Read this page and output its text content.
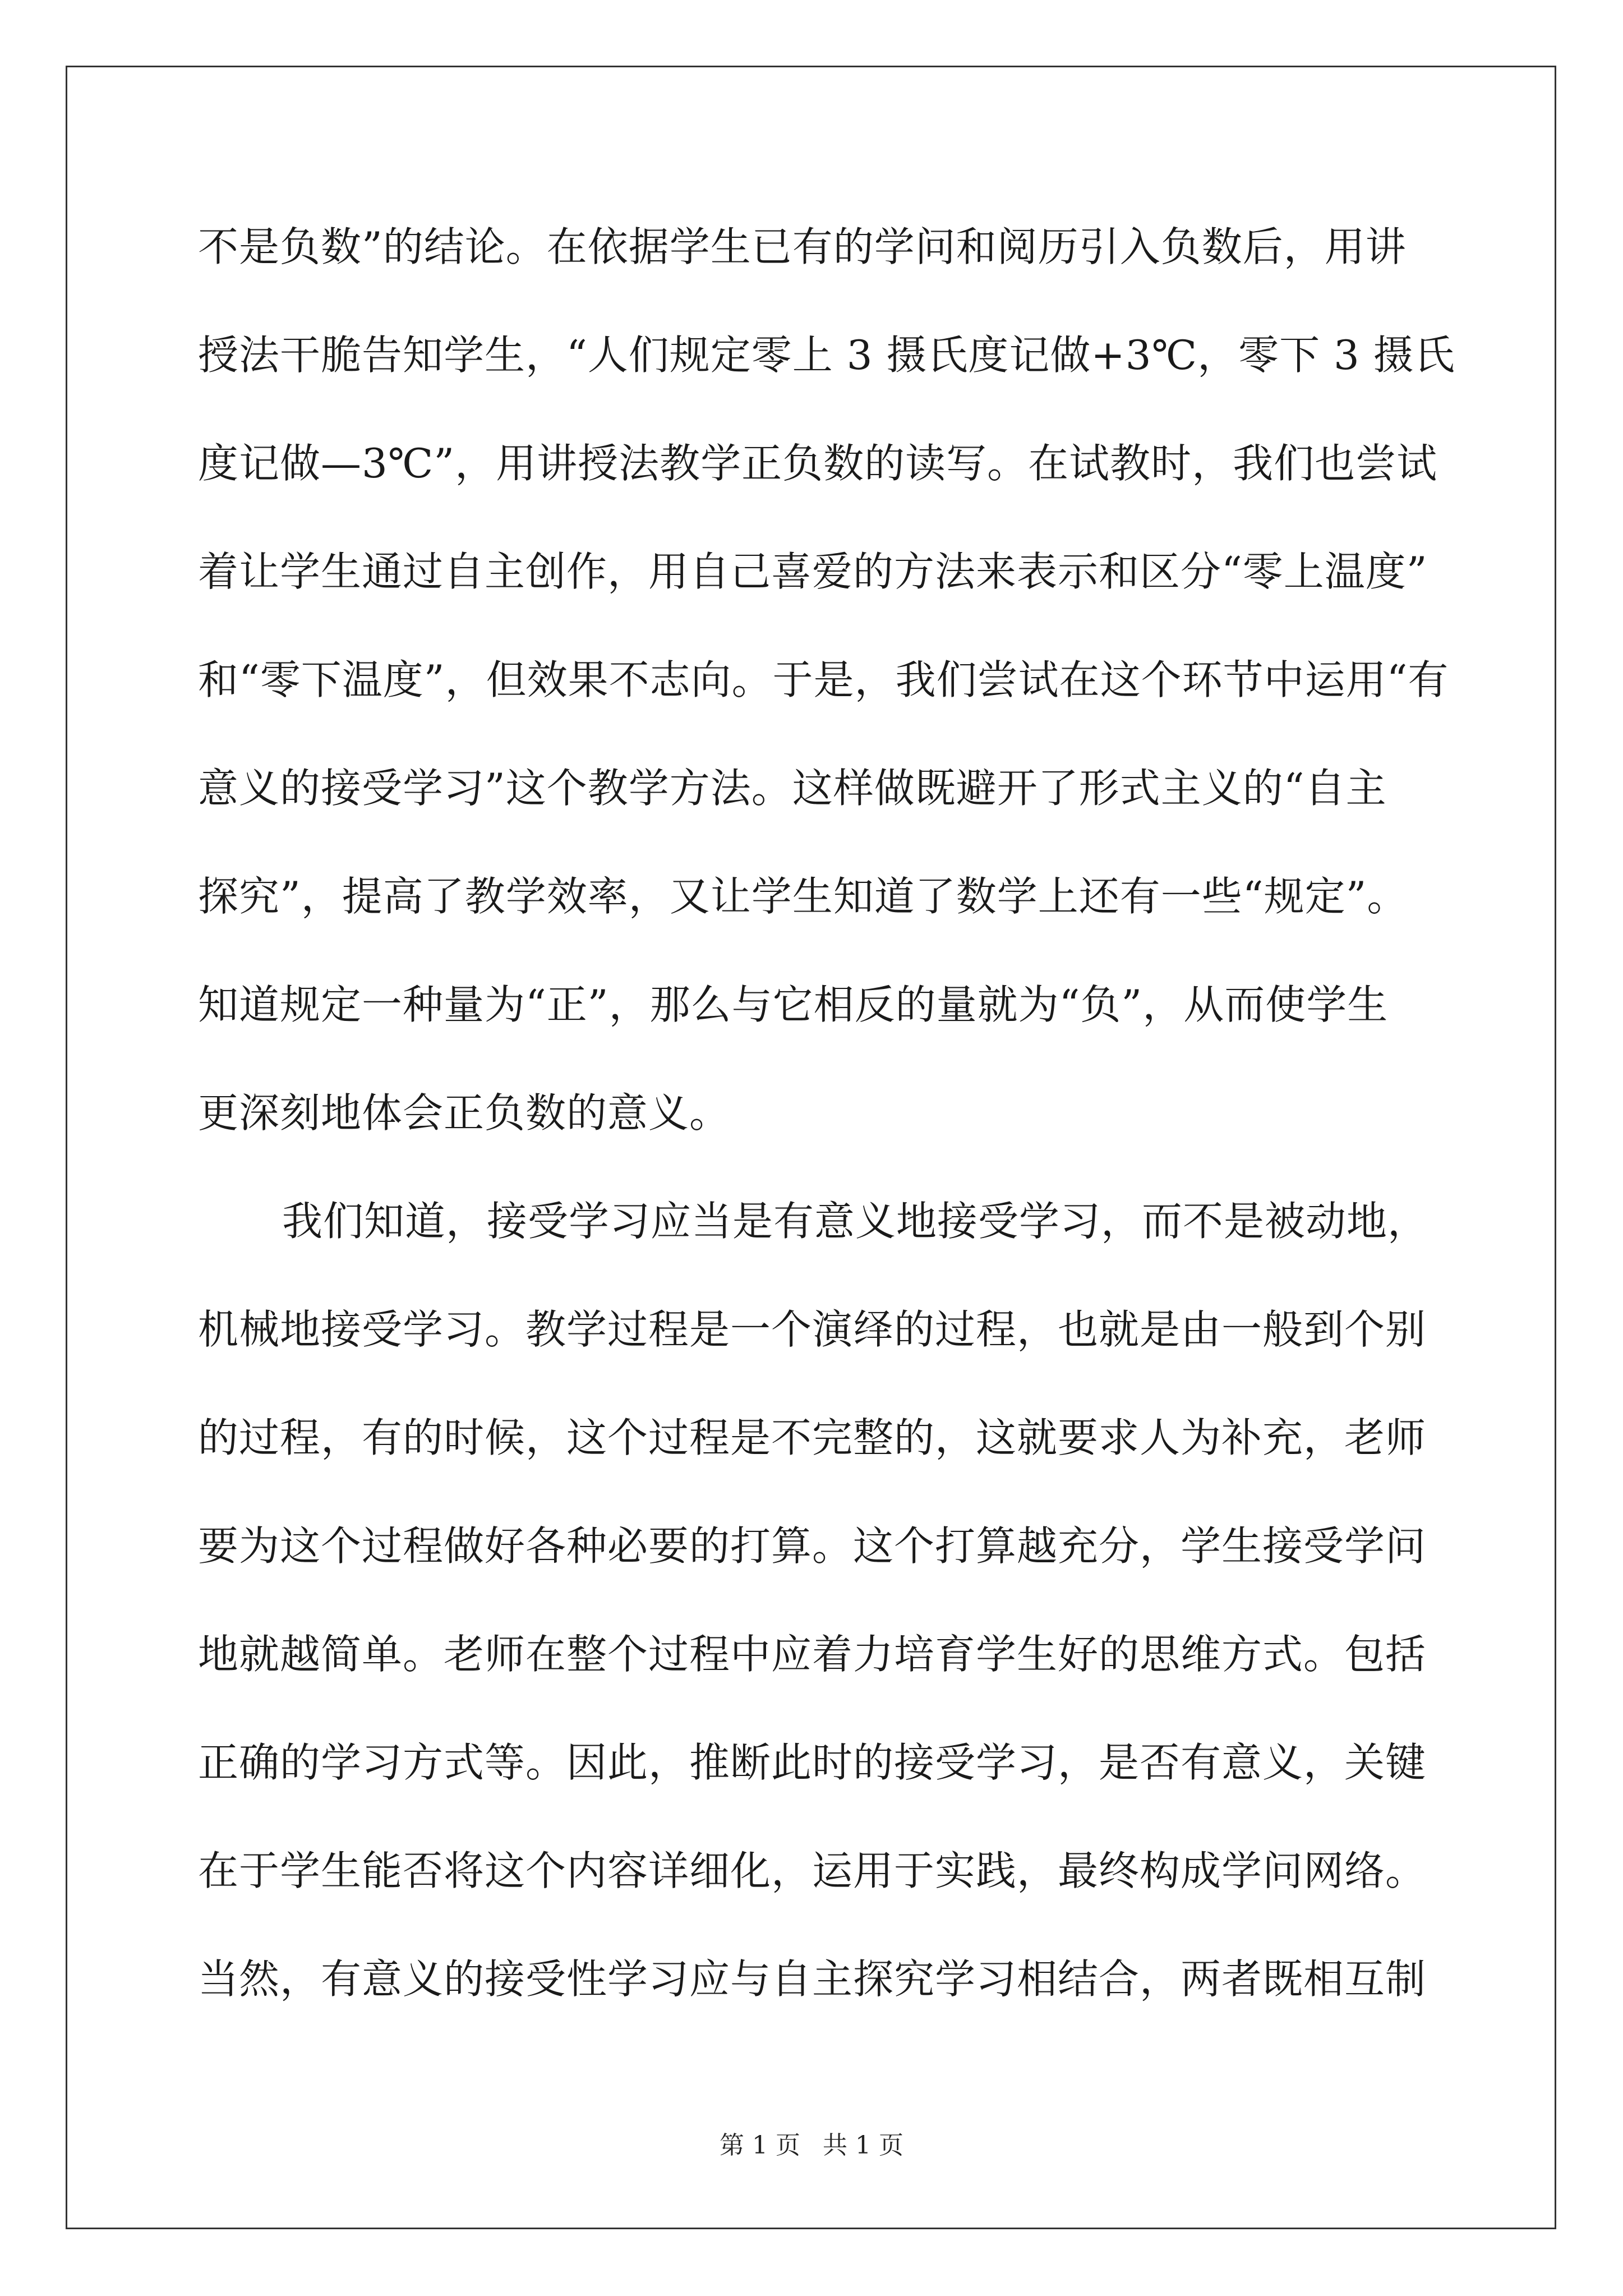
不是负数”的结论。在依据学生已有的学问和阅历引入负数后，用讲
授法干脆告知学生，“人们规定零上 3 摄氏度记做+3℃，零下 3 摄氏
度记做—3℃”，用讲授法教学正负数的读写。在试教时，我们也尝试
着让学生通过自主创作，用自己喜爱的方法来表示和区分“零上温度”
和“零下温度”，但效果不志向。于是，我们尝试在这个环节中运用“有
意义的接受学习”这个教学方法。这样做既避开了形式主义的“自主
探究”，提高了教学效率，又让学生知道了数学上还有一些“规定”。
知道规定一种量为“正”，那么与它相反的量就为“负”，从而使学生
更深刻地体会正负数的意义。
我们知道，接受学习应当是有意义地接受学习，而不是被动地，
机械地接受学习。教学过程是一个演绎的过程，也就是由一般到个别
的过程，有的时候，这个过程是不完整的，这就要求人为补充，老师
要为这个过程做好各种必要的打算。这个打算越充分，学生接受学问
地就越简单。老师在整个过程中应着力培育学生好的思维方式。包括
正确的学习方式等。因此，推断此时的接受学习，是否有意义，关键
在于学生能否将这个内容详细化，运用于实践，最终构成学问网络。
当然，有意义的接受性学习应与自主探究学习相结合，两者既相互制
第 1 页 共 1 页
